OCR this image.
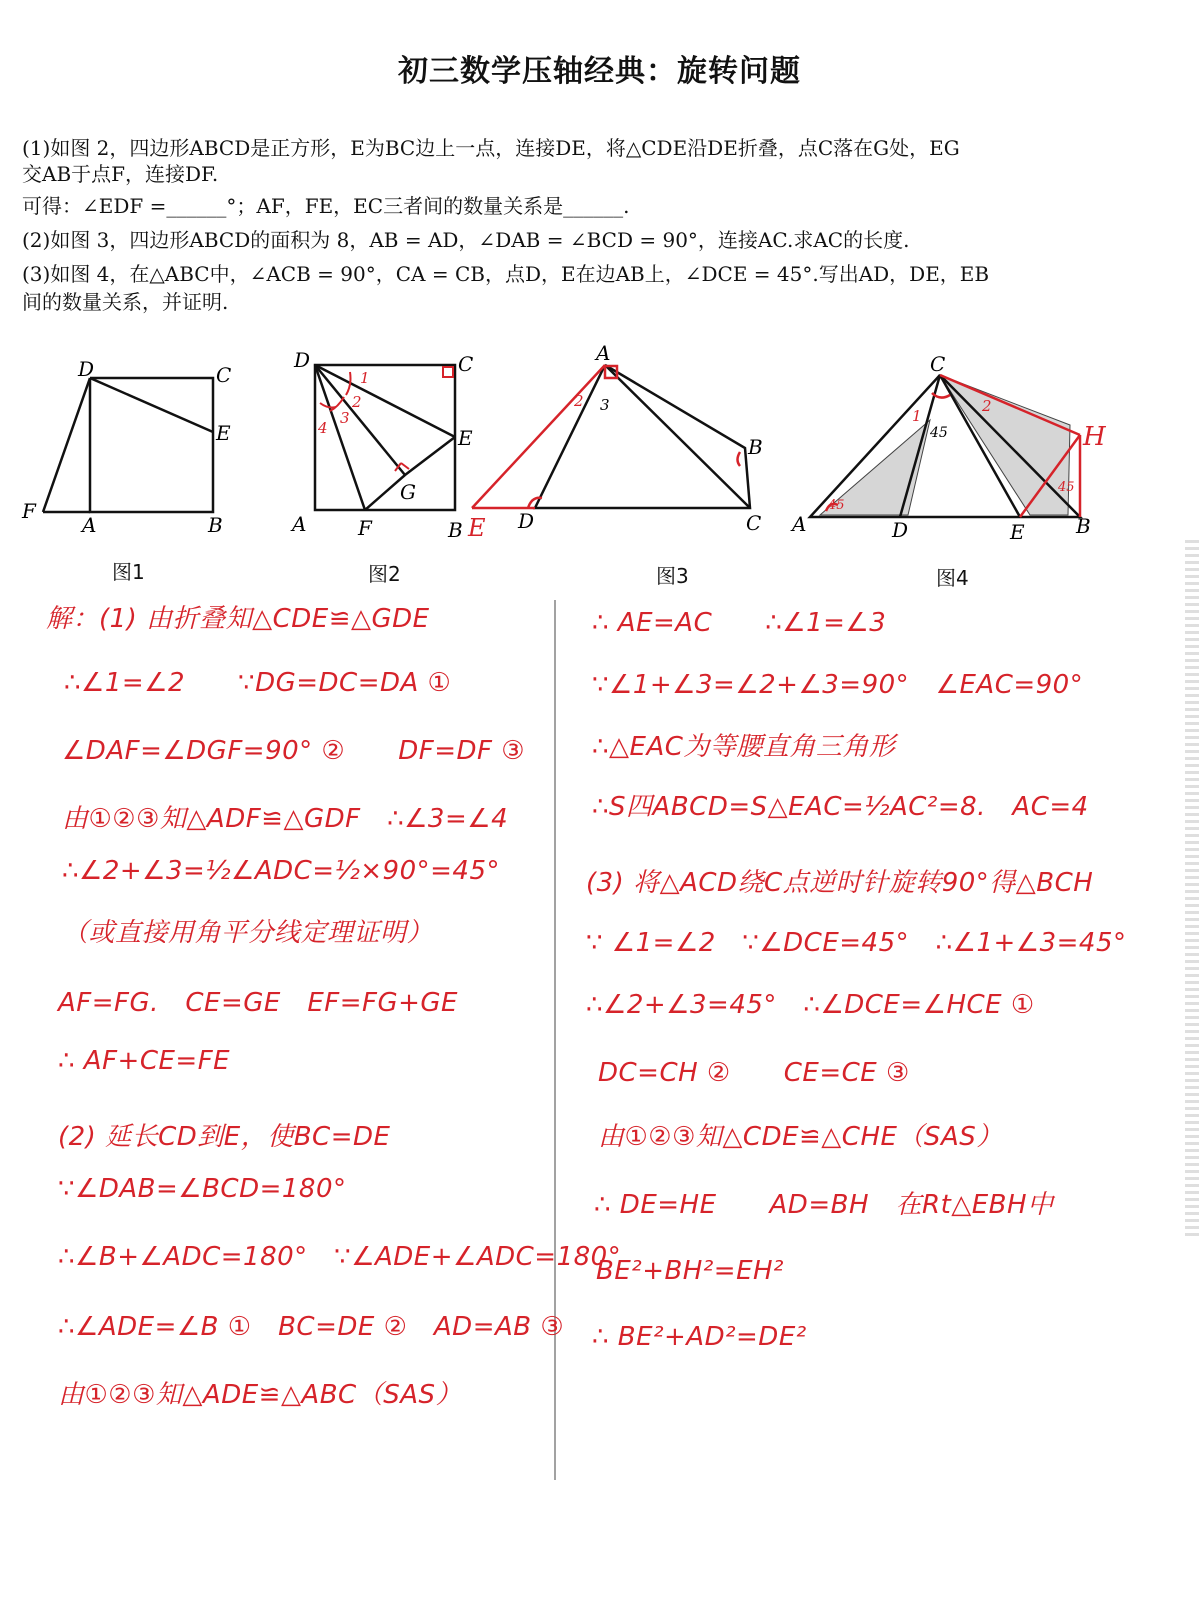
初三数学压轴经典：旋转问题
(1)如图 2，四边形ABCD是正方形，E为BC边上一点，连接DE，将△CDE沿DE折叠，点C落在G处，EG
交AB于点F，连接DF.
可得：∠EDF =______°；AF，FE，EC三者间的数量关系是______.
(2)如图 3，四边形ABCD的面积为 8，AB = AD，∠DAB = ∠BCD = 90°，连接AC.求AC的长度.
(3)如图 4，在△ABC中，∠ACB = 90°，CA = CB，点D，E在边AB上，∠DCE = 45°.写出AD，DE，EB
间的数量关系，并证明.
D	C
E
F
A	B
图1
D	C
E
G
A	F	B
1
2
3
4
图2
A
B
C
D
E
2 3
图3
C
H
A	D	E	B
1
2
45
45
45
图4
解：(1) 由折叠知△CDE≌△GDE
∴∠1=∠2　　∵DG=DC=DA ①
∠DAF=∠DGF=90° ②　　DF=DF ③
由①②③知△ADF≌△GDF　∴∠3=∠4
∴∠2+∠3=½∠ADC=½×90°=45°
（或直接用角平分线定理证明）
AF=FG.　CE=GE　EF=FG+GE
∴ AF+CE=FE
(2) 延长CD到E，使BC=DE
∵∠DAB=∠BCD=180°
∴∠B+∠ADC=180°　∵∠ADE+∠ADC=180°
∴∠ADE=∠B ①　BC=DE ②　AD=AB ③
由①②③知△ADE≌△ABC（SAS）
∴ AE=AC　　∴∠1=∠3
∵∠1+∠3=∠2+∠3=90°　∠EAC=90°
∴△EAC为等腰直角三角形
∴S四ABCD=S△EAC=½AC²=8.　AC=4
(3) 将△ACD绕C点逆时针旋转90°得△BCH
∵ ∠1=∠2　∵∠DCE=45°　∴∠1+∠3=45°
∴∠2+∠3=45°　∴∠DCE=∠HCE ①
DC=CH ②　　CE=CE ③
由①②③知△CDE≌△CHE（SAS）
∴ DE=HE　　AD=BH　在Rt△EBH中
BE²+BH²=EH²
∴ BE²+AD²=DE²
